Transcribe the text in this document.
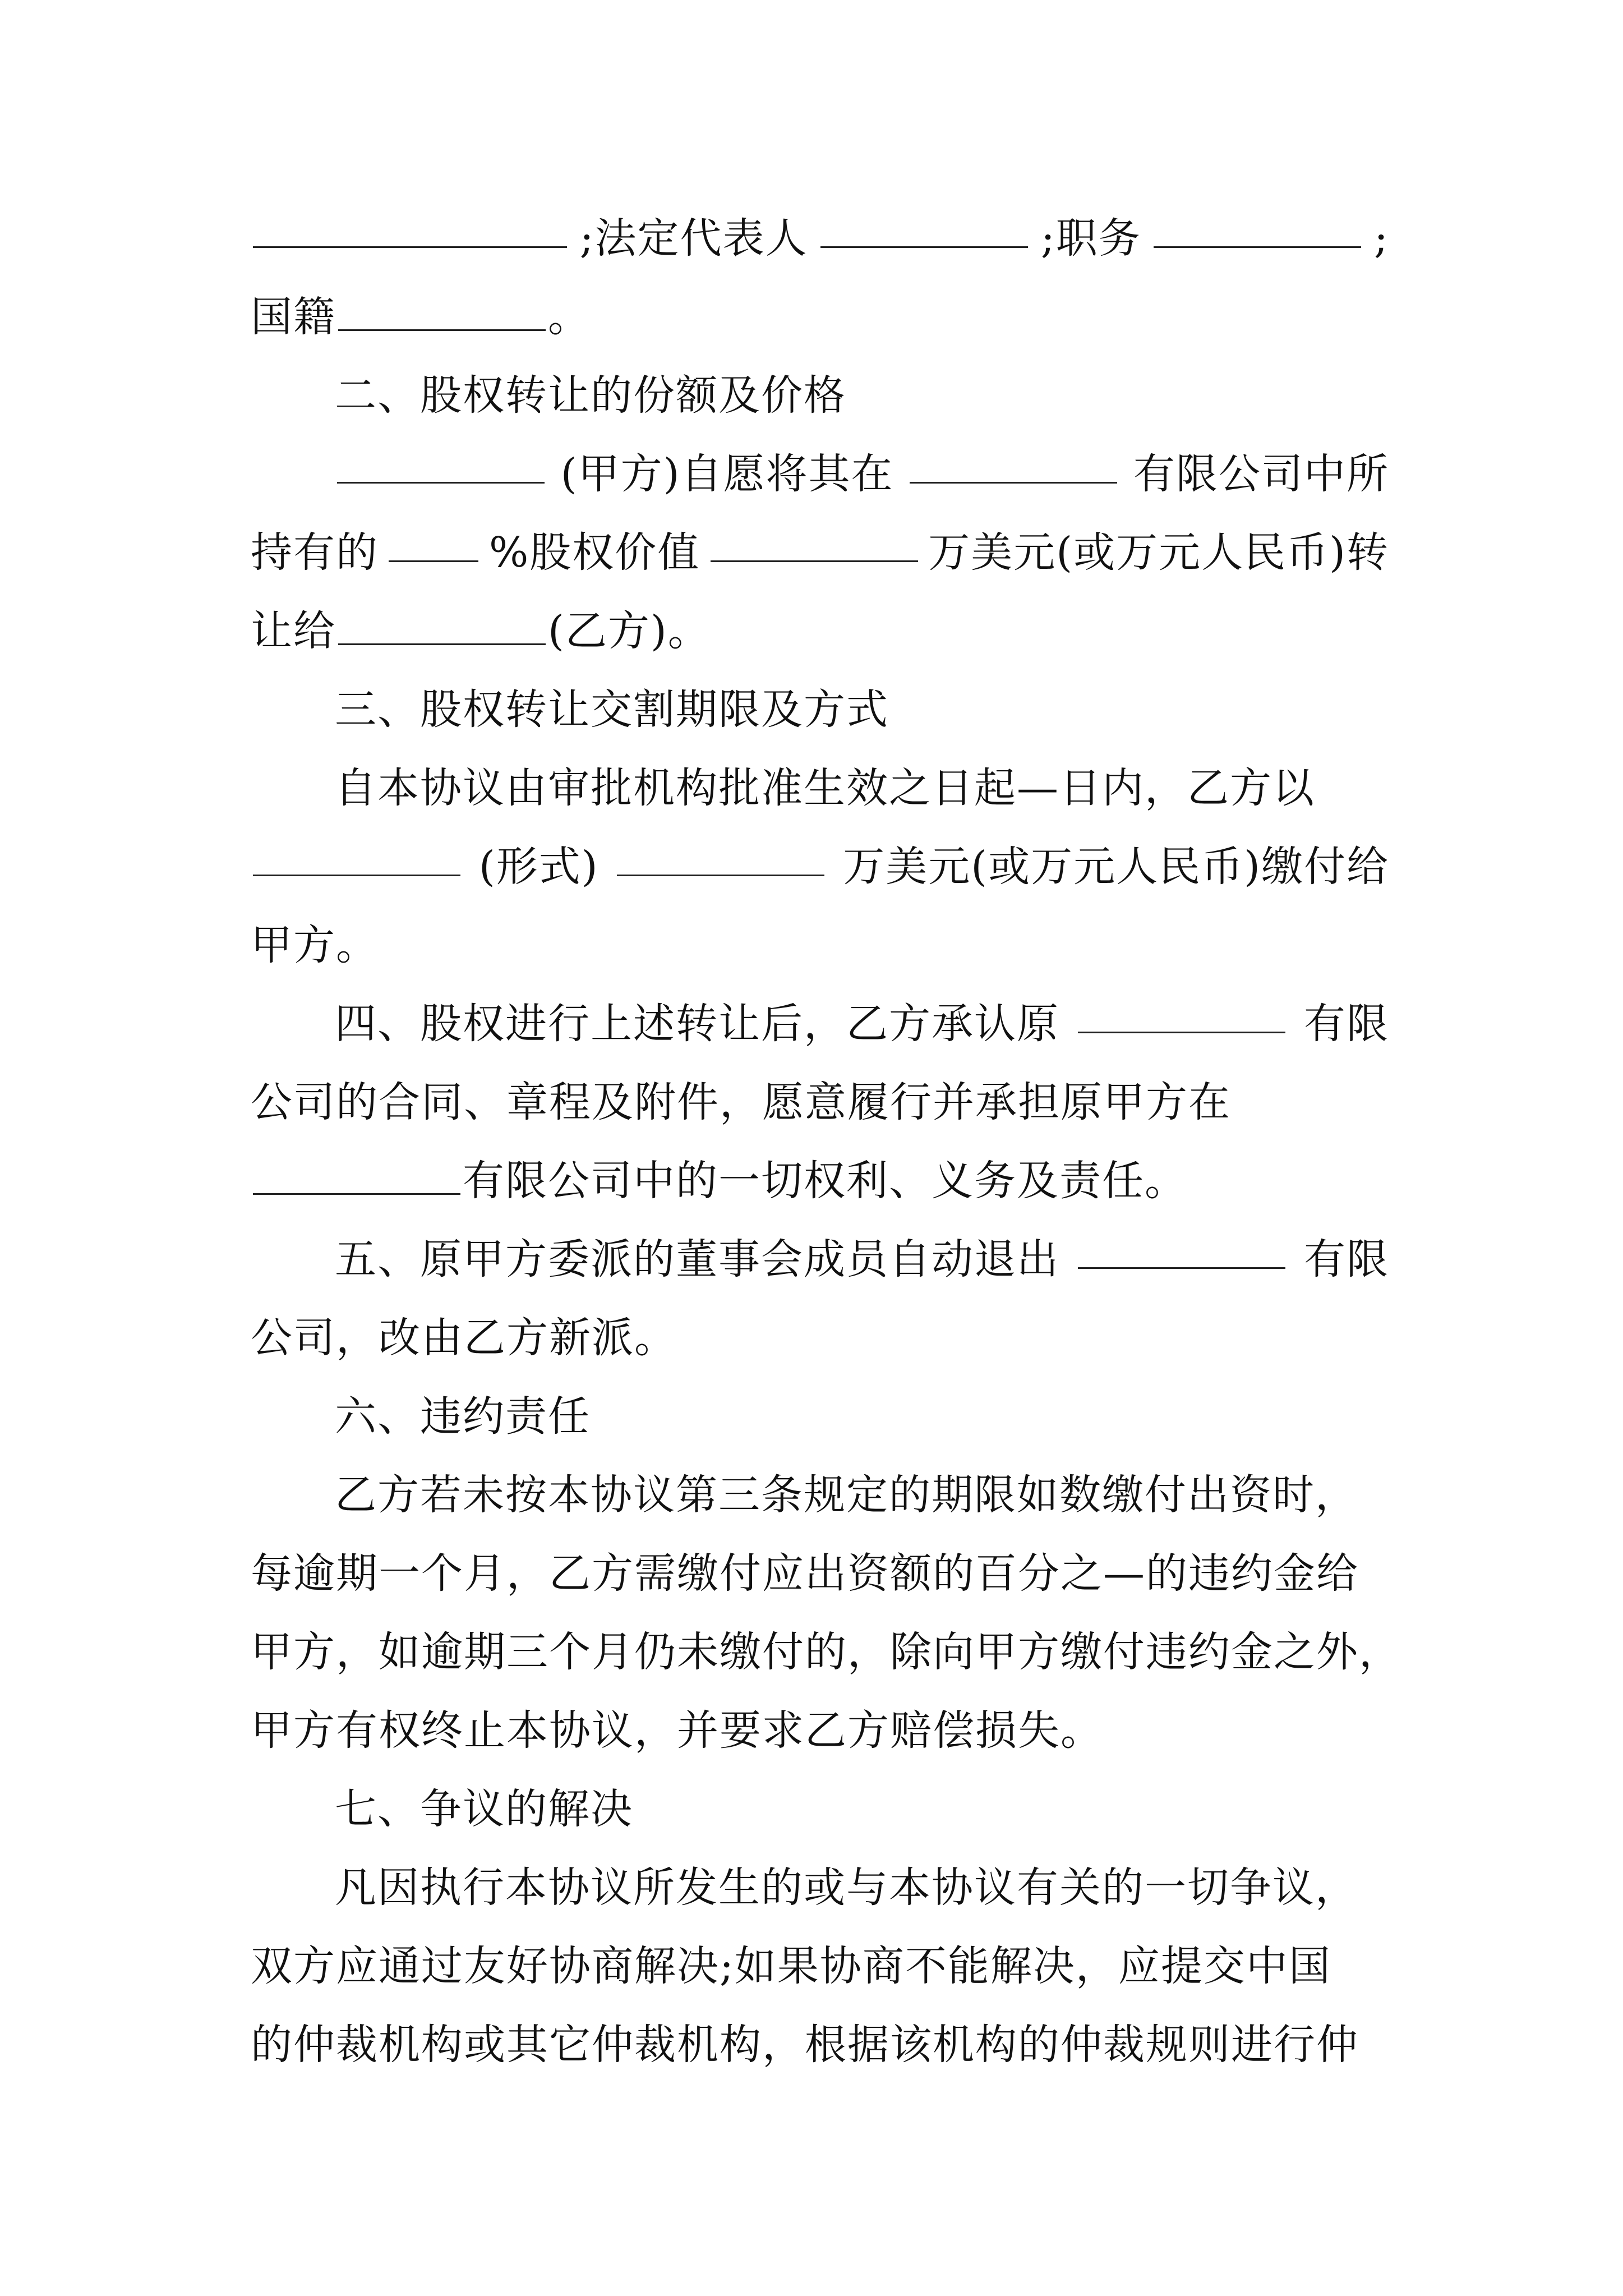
;法定代表人	;职务	;
国籍	。
二、股权转让的份额及价格
(甲方)自愿将其在	有限公司中所
持有的	%股权价值	万美元(或万元人民币)转
让给	(乙方)。
三、股权转让交割期限及方式
自本协议由审批机构批准生效之日起—日内，乙方以
(形式)	万美元(或万元人民币)缴付给
甲方。
四、股权进行上述转让后，乙方承认原	有限
公司的合同、章程及附件，愿意履行并承担原甲方在
有限公司中的一切权利、义务及责任。
五、原甲方委派的董事会成员自动退出	有限
公司，改由乙方新派。
六、违约责任
乙方若未按本协议第三条规定的期限如数缴付出资时，
每逾期一个月，乙方需缴付应出资额的百分之—的违约金给
甲方，如逾期三个月仍未缴付的，除向甲方缴付违约金之外，
甲方有权终止本协议，并要求乙方赔偿损失。
七、争议的解决
凡因执行本协议所发生的或与本协议有关的一切争议，
双方应通过友好协商解决;如果协商不能解决，应提交中国
的仲裁机构或其它仲裁机构，根据该机构的仲裁规则进行仲
